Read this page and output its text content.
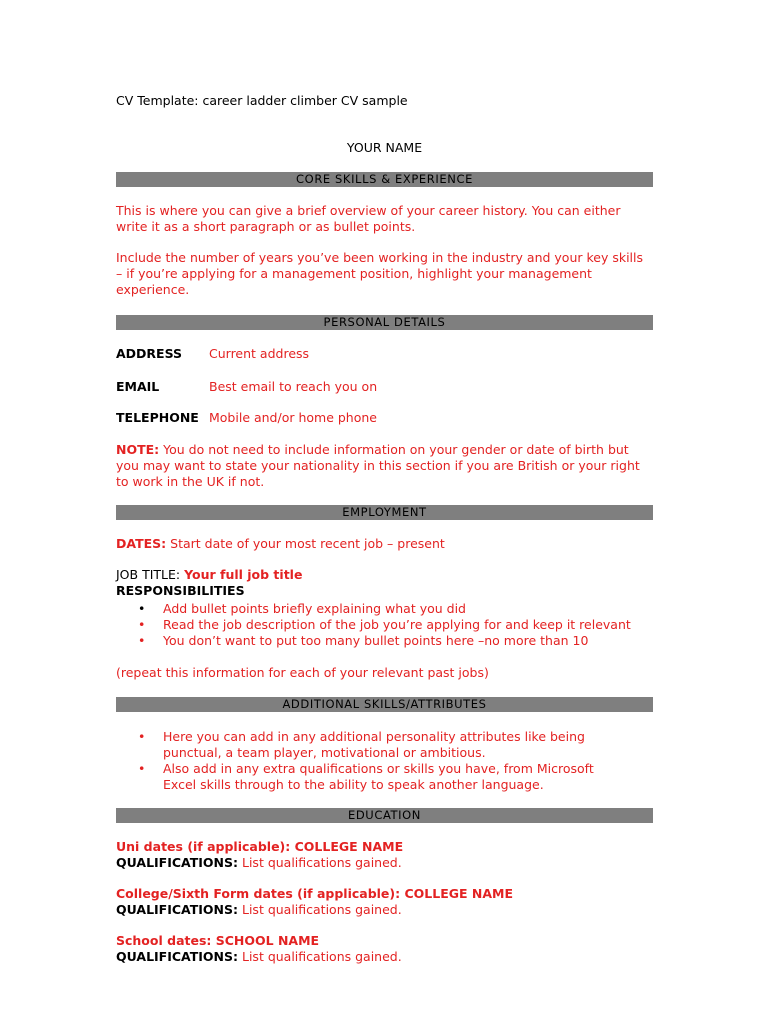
CV Template: career ladder climber CV sample
YOUR NAME
CORE SKILLS & EXPERIENCE
This is where you can give a brief overview of your career history. You can either write it as a short paragraph or as bullet points.
Include the number of years you’ve been working in the industry and your key skills – if you’re applying for a management position, highlight your management experience.
PERSONAL DETAILS
ADDRESS Current address
EMAIL	Best email to reach you on
TELEPHONE Mobile and/or home phone
NOTE: You do not need to include information on your gender or date of birth but you may want to state your nationality in this section if you are British or your right to work in the UK if not.
EMPLOYMENT
DATES: Start date of your most recent job – present
JOB TITLE: Your full job title
RESPONSIBILITIES
• Add bullet points briefly explaining what you did
• Read the job description of the job you’re applying for and keep it relevant
• You don’t want to put too many bullet points here –no more than 10
(repeat this information for each of your relevant past jobs)
ADDITIONAL SKILLS/ATTRIBUTES
• Here you can add in any additional personality attributes like being punctual, a team player, motivational or ambitious.
• Also add in any extra qualifications or skills you have, from Microsoft Excel skills through to the ability to speak another language.
EDUCATION
Uni dates (if applicable): COLLEGE NAME
QUALIFICATIONS: List qualifications gained.
College/Sixth Form dates (if applicable): COLLEGE NAME
QUALIFICATIONS: List qualifications gained.
School dates: SCHOOL NAME
QUALIFICATIONS: List qualifications gained.
